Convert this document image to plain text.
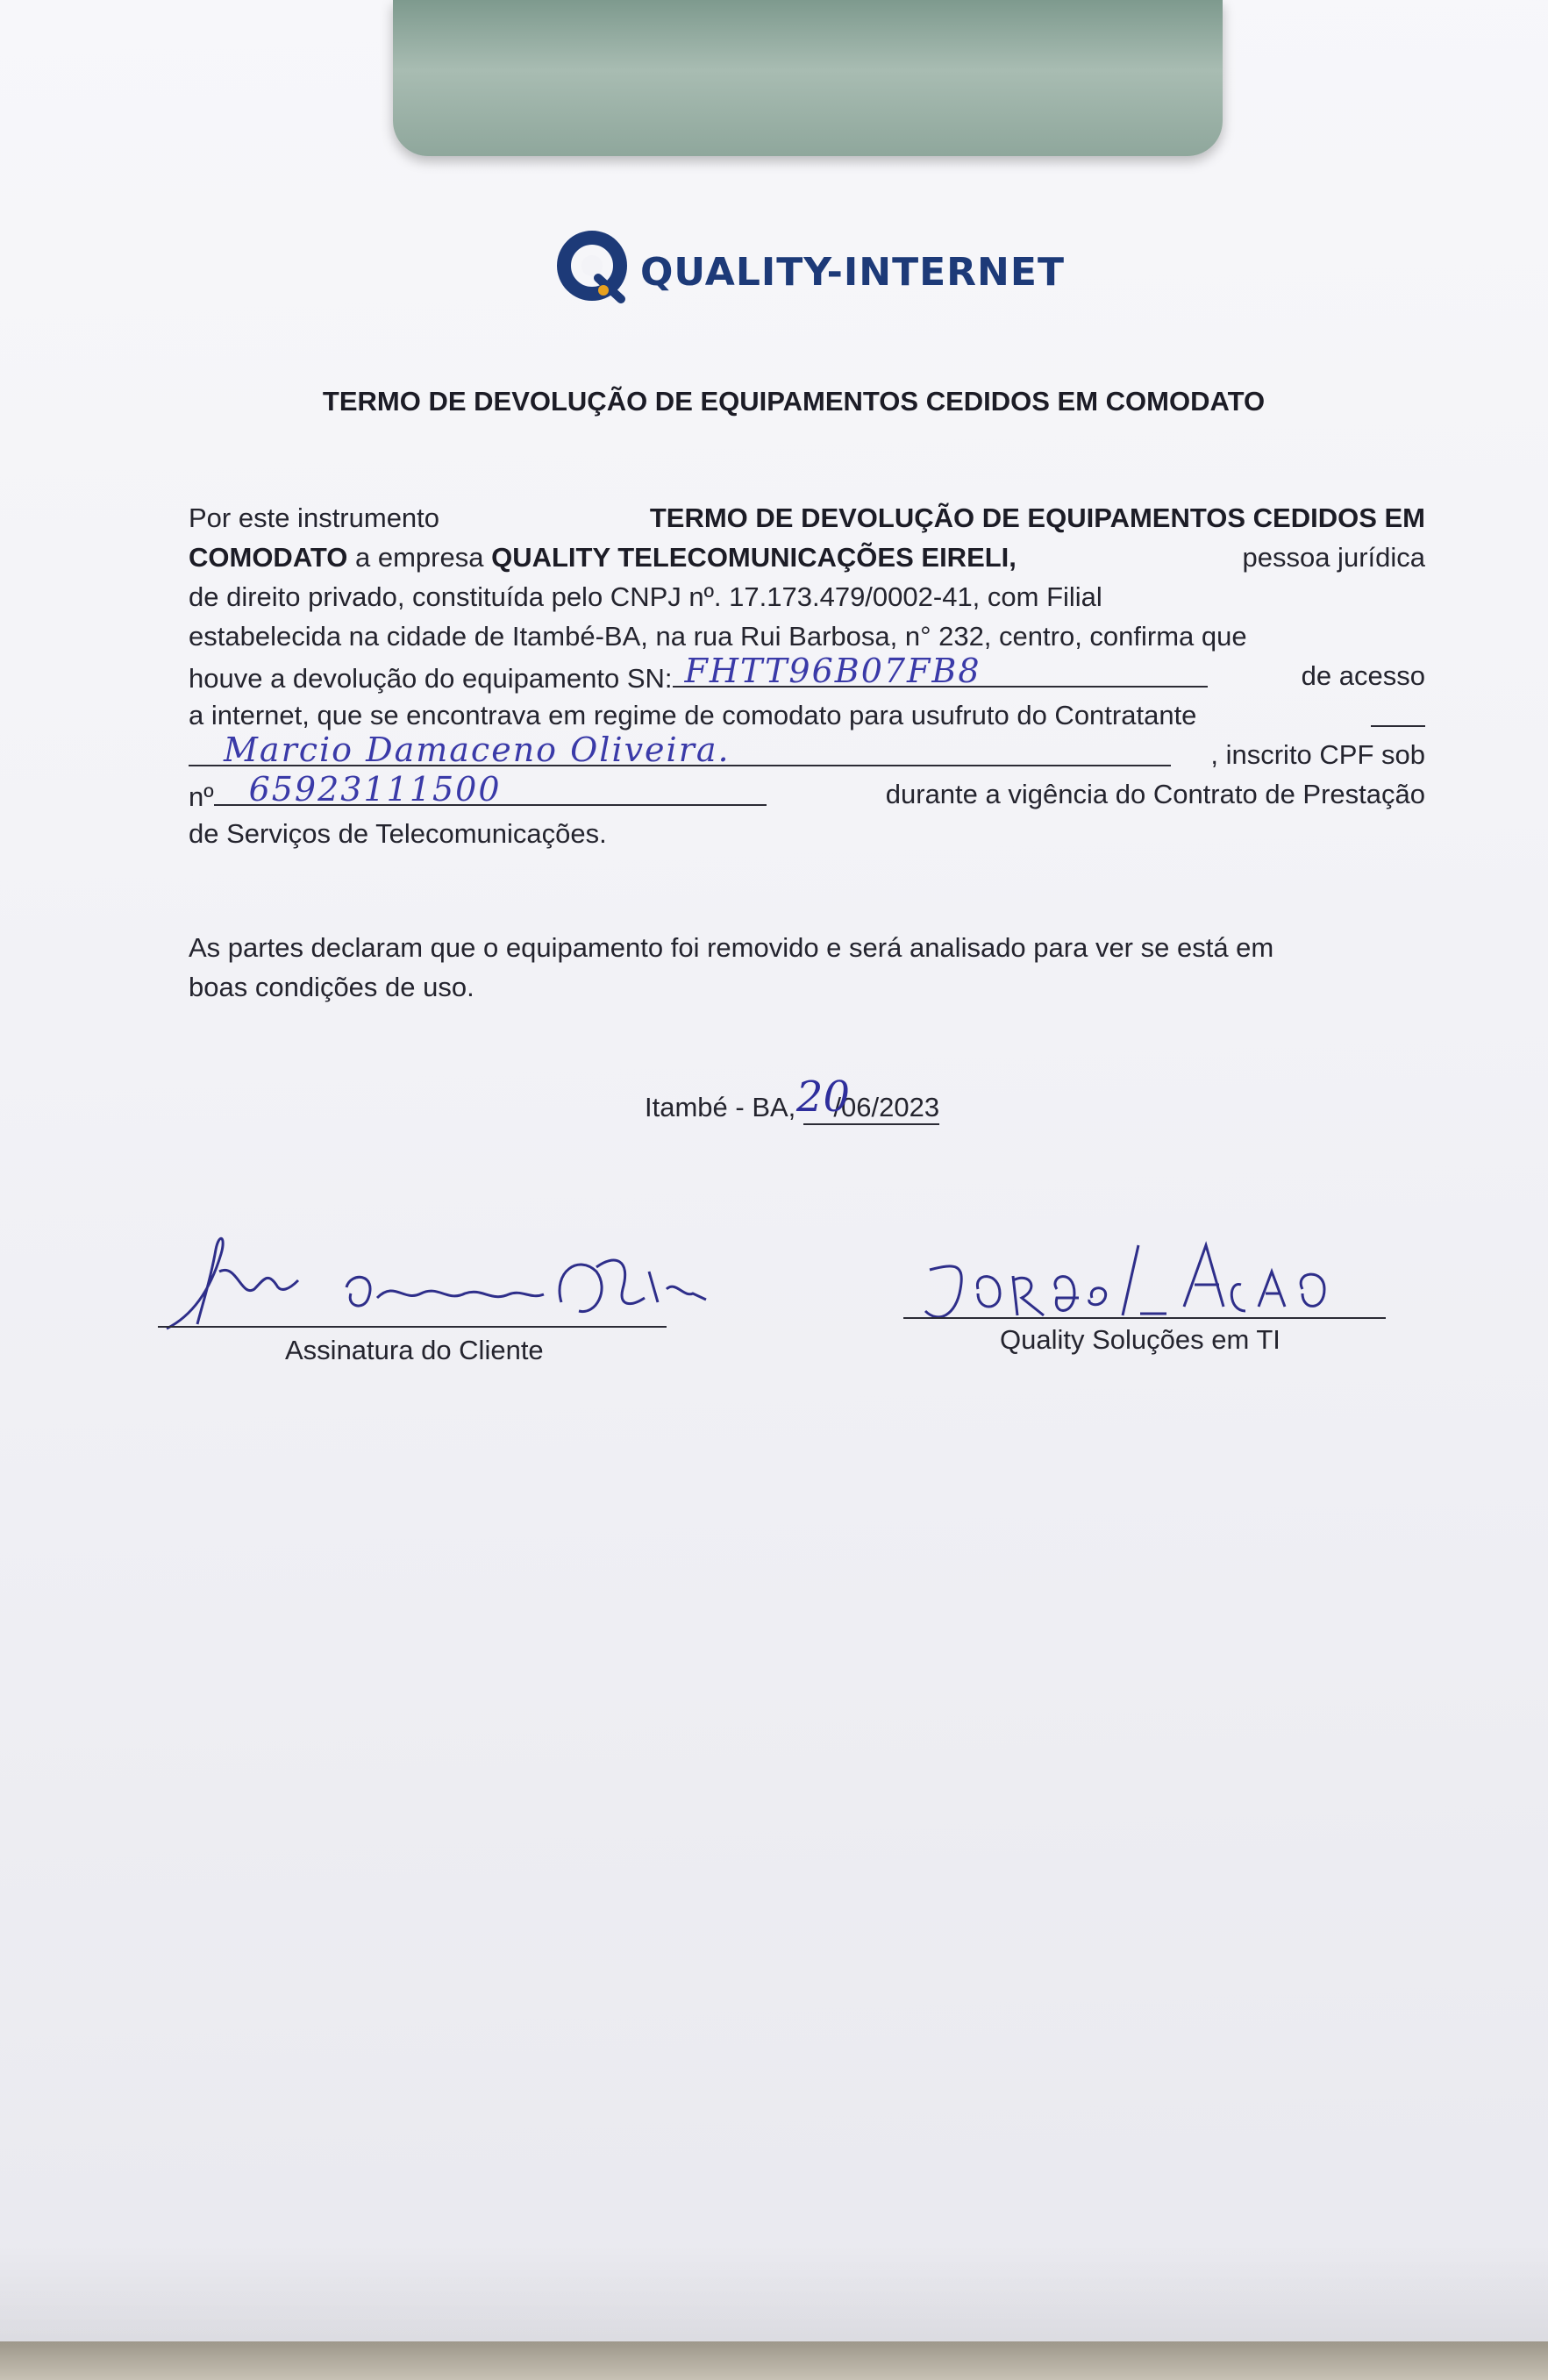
QUALITY-INTERNET
TERMO DE DEVOLUÇÃO DE EQUIPAMENTOS CEDIDOS EM COMODATO
Por este instrumento	TERMO DE DEVOLUÇÃO DE EQUIPAMENTOS CEDIDOS EM
COMODATO a empresa QUALITY TELECOMUNICAÇÕES EIRELI,	pessoa jurídica
de direito privado, constituída pelo CNPJ nº. 17.173.479/0002-41, com Filial
estabelecida na cidade de Itambé-BA, na rua Rui Barbosa, n° 232, centro, confirma que
houve a devolução do equipamento SN: FHTT96B07FB8	de acesso
a internet, que se encontrava em regime de comodato para usufruto do Contratante
Marcio Damaceno Oliveira.	, inscrito CPF sob
nº 65923111500	durante a vigência do Contrato de Prestação
de Serviços de Telecomunicações.
As partes declaram que o equipamento foi removido e será analisado para ver se está em
boas condições de uso.
Itambé - BA,
20
/06/2023
Assinatura do Cliente	Quality Soluções em TI
